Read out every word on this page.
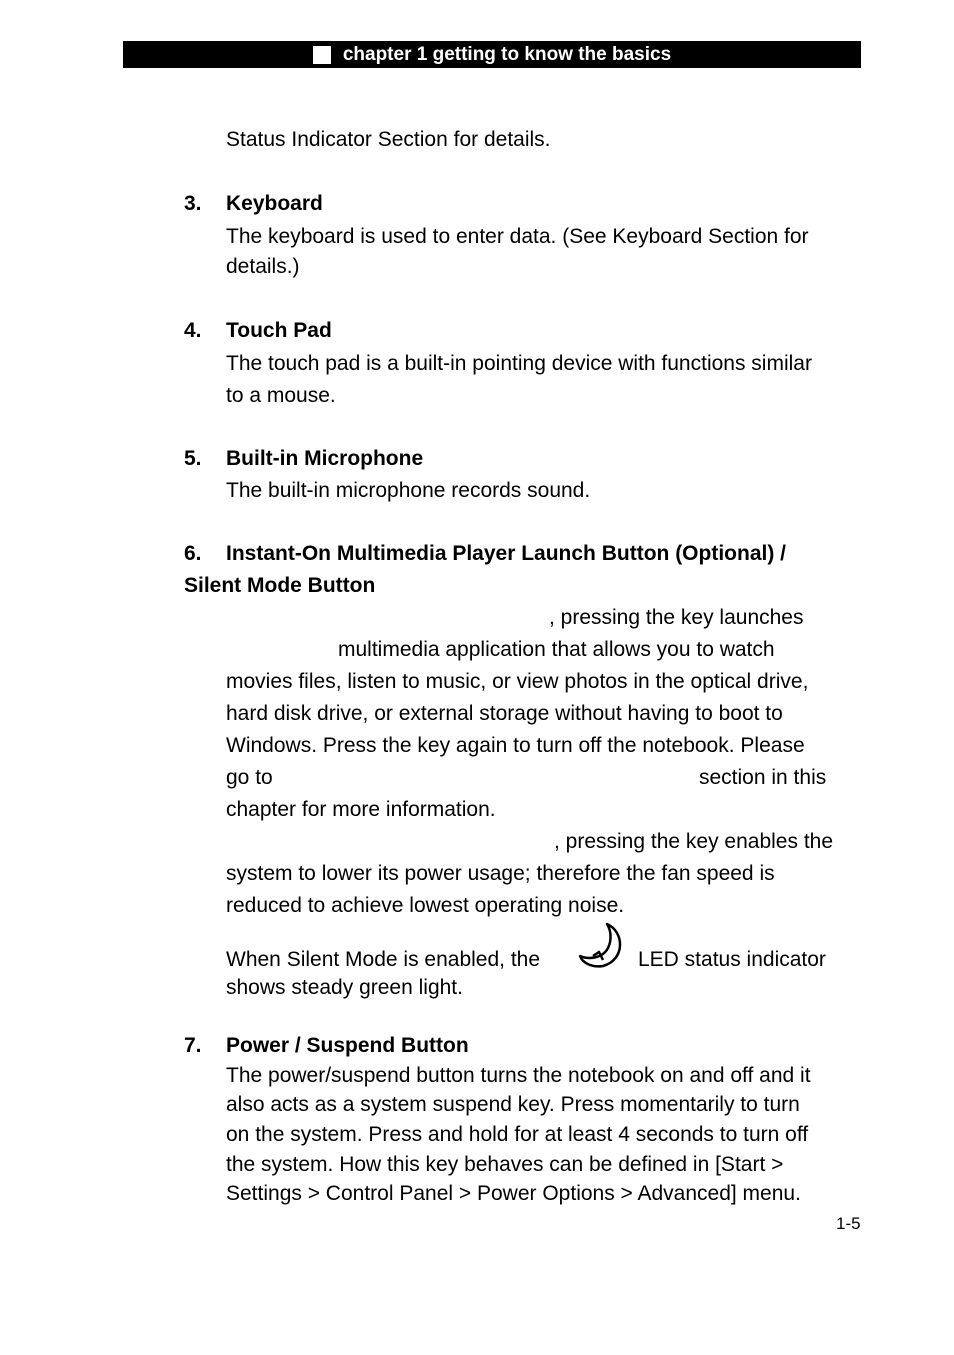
chapter 1 getting to know the basics
Status Indicator Section for details.
3. Keyboard
The keyboard is used to enter data. (See Keyboard Section for
details.)
4. Touch Pad
The touch pad is a built-in pointing device with functions similar
to a mouse.
5. Built-in Microphone
The built-in microphone records sound.
6. Instant-On Multimedia Player Launch Button (Optional) /
Silent Mode Button
, pressing the key launches
multimedia application that allows you to watch
movies files, listen to music, or view photos in the optical drive,
hard disk drive, or external storage without having to boot to
Windows. Press the key again to turn off the notebook. Please
go to	section in this
chapter for more information.
, pressing the key enables the
system to lower its power usage; therefore the fan speed is
reduced to achieve lowest operating noise.
When Silent Mode is enabled, the	LED status indicator
shows steady green light.
7. Power / Suspend Button
The power/suspend button turns the notebook on and off and it
also acts as a system suspend key. Press momentarily to turn
on the system. Press and hold for at least 4 seconds to turn off
the system. How this key behaves can be defined in [Start >
Settings > Control Panel > Power Options > Advanced] menu.
1-5
